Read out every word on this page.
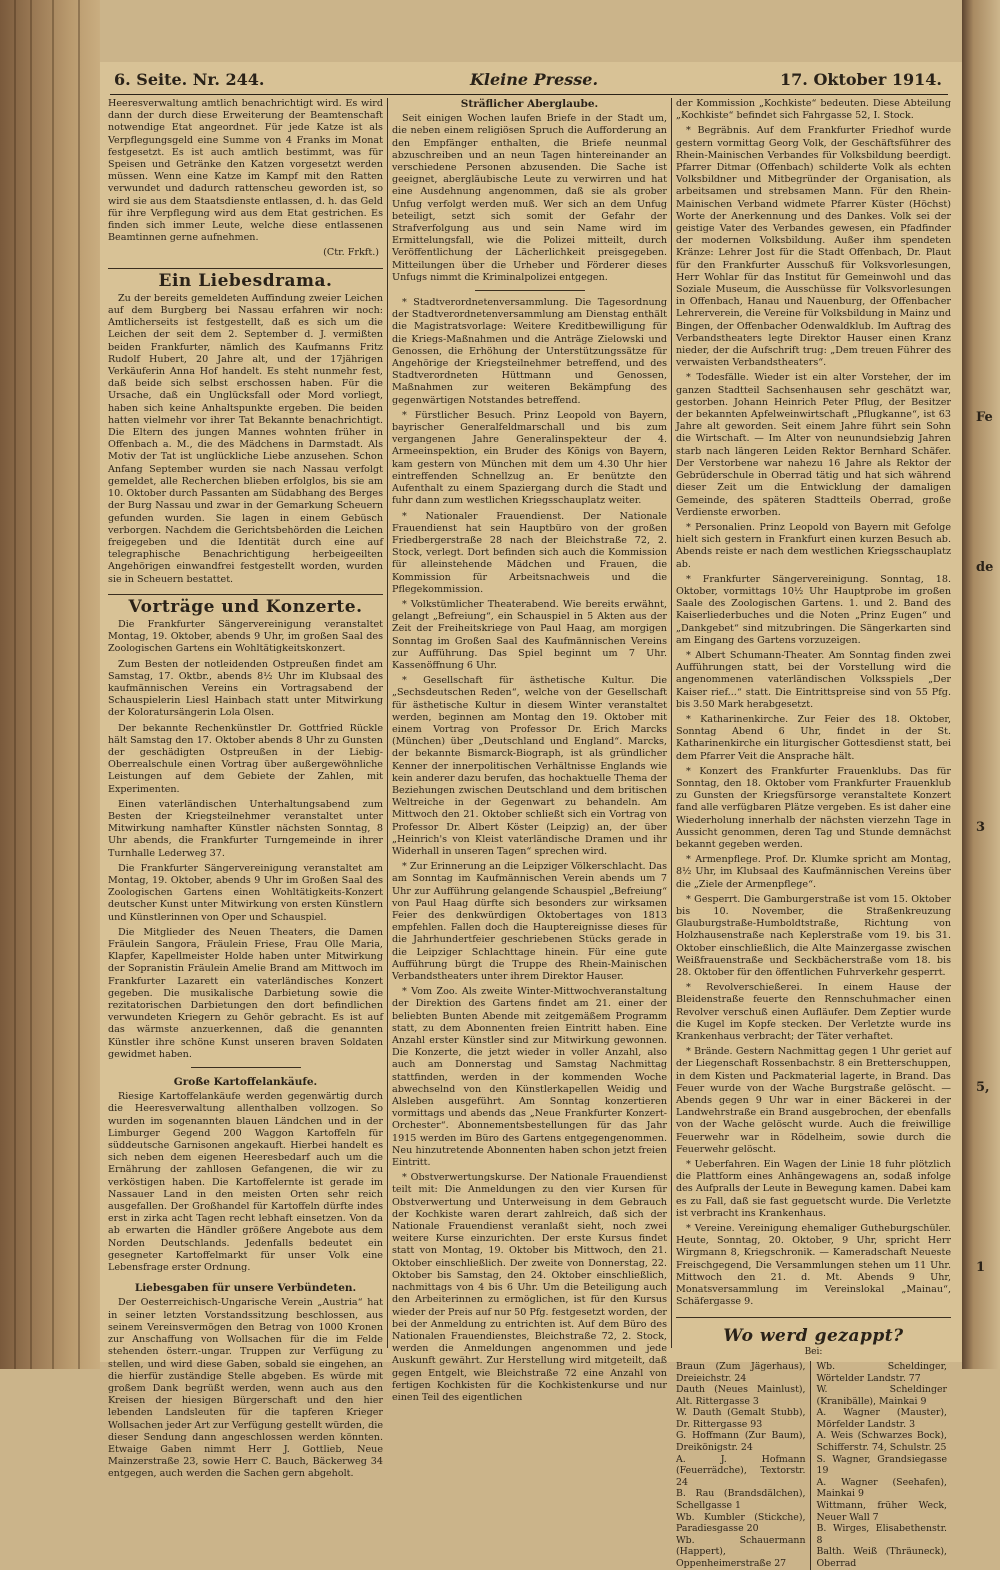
Fe
de
3
5,
1
6. Seite. Nr. 244.	Kleine Presse.	17. Oktober 1914.

Heeresverwaltung amtlich benachrichtigt wird. Es wird dann der durch diese Erweiterung der Beamtenschaft notwendige Etat angeordnet. Für jede Katze ist als Verpflegungsgeld eine Summe von 4 Franks im Monat festgesetzt. Es ist auch amtlich bestimmt, was für Speisen und Getränke den Katzen vorgesetzt werden müssen. Wenn eine Katze im Kampf mit den Ratten verwundet und dadurch rattenscheu geworden ist, so wird sie aus dem Staatsdienste entlassen, d. h. das Geld für ihre Verpflegung wird aus dem Etat gestrichen. Es finden sich immer Leute, welche diese entlassenen Beamtinnen gerne aufnehmen.

(Ctr. Frkft.)
Ein Liebesdrama.

Zu der bereits gemeldeten Auffindung zweier Leichen auf dem Burgberg bei Nassau erfahren wir noch: Amtlicherseits ist festgestellt, daß es sich um die Leichen der seit dem 2. September d. J. vermißten beiden Frankfurter, nämlich des Kaufmanns Fritz Rudolf Hubert, 20 Jahre alt, und der 17jährigen Verkäuferin Anna Hof handelt. Es steht nunmehr fest, daß beide sich selbst erschossen haben. Für die Ursache, daß ein Unglücksfall oder Mord vorliegt, haben sich keine Anhaltspunkte ergeben. Die beiden hatten vielmehr vor ihrer Tat Bekannte benachrichtigt. Die Eltern des jungen Mannes wohnten früher in Offenbach a. M., die des Mädchens in Darmstadt. Als Motiv der Tat ist unglückliche Liebe anzusehen. Schon Anfang September wurden sie nach Nassau verfolgt gemeldet, alle Recherchen blieben erfolglos, bis sie am 10. Oktober durch Passanten am Südabhang des Berges der Burg Nassau und zwar in der Gemarkung Scheuern gefunden wurden. Sie lagen in einem Gebüsch verborgen. Nachdem die Gerichtsbehörden die Leichen freigegeben und die Identität durch eine auf telegraphische Benachrichtigung herbeigeeilten Angehörigen einwandfrei festgestellt worden, wurden sie in Scheuern bestattet.

Vorträge und Konzerte.

Die Frankfurter Sängervereinigung veranstaltet Montag, 19. Oktober, abends 9 Uhr, im großen Saal des Zoologischen Gartens ein Wohltätigkeitskonzert.

Zum Besten der notleidenden Ostpreußen findet am Samstag, 17. Oktbr., abends 8½ Uhr im Klubsaal des kaufmännischen Vereins ein Vortragsabend der Schauspielerin Liesl Hainbach statt unter Mitwirkung der Koloratursängerin Lola Olsen.

Der bekannte Rechenkünstler Dr. Gottfried Rückle hält Samstag den 17. Oktober abends 8 Uhr zu Gunsten der geschädigten Ostpreußen in der Liebig-Oberrealschule einen Vortrag über außergewöhnliche Leistungen auf dem Gebiete der Zahlen, mit Experimenten.

Einen vaterländischen Unterhaltungsabend zum Besten der Kriegsteilnehmer veranstaltet unter Mitwirkung namhafter Künstler nächsten Sonntag, 8 Uhr abends, die Frankfurter Turngemeinde in ihrer Turnhalle Lederweg 37.

Die Frankfurter Sängervereinigung veranstaltet am Montag, 19. Oktober, abends 9 Uhr im Großen Saal des Zoologischen Gartens einen Wohltätigkeits-Konzert deutscher Kunst unter Mitwirkung von ersten Künstlern und Künstlerinnen von Oper und Schauspiel.

Die Mitglieder des Neuen Theaters, die Damen Fräulein Sangora, Fräulein Friese, Frau Olle Maria, Klapfer, Kapellmeister Holde haben unter Mitwirkung der Sopranistin Fräulein Amelie Brand am Mittwoch im Frankfurter Lazarett ein vaterländisches Konzert gegeben. Die musikalische Darbietung sowie die rezitatorischen Darbietungen den dort befindlichen verwundeten Kriegern zu Gehör gebracht. Es ist auf das wärmste anzuerkennen, daß die genannten Künstler ihre schöne Kunst unseren braven Soldaten gewidmet haben.

Große Kartoffelankäufe.

Riesige Kartoffelankäufe werden gegenwärtig durch die Heeresverwaltung allenthalben vollzogen. So wurden im sogenannten blauen Ländchen und in der Limburger Gegend 200 Waggon Kartoffeln für süddeutsche Garnisonen angekauft. Hierbei handelt es sich neben dem eigenen Heeresbedarf auch um die Ernährung der zahllosen Gefangenen, die wir zu verköstigen haben. Die Kartoffelernte ist gerade im Nassauer Land in den meisten Orten sehr reich ausgefallen. Der Großhandel für Kartoffeln dürfte indes erst in zirka acht Tagen recht lebhaft einsetzen. Von da ab erwarten die Händler größere Angebote aus dem Norden Deutschlands. Jedenfalls bedeutet ein gesegneter Kartoffelmarkt für unser Volk eine Lebensfrage erster Ordnung.

Liebesgaben für unsere Verbündeten.

Der Oesterreichisch-Ungarische Verein „Austria“ hat in seiner letzten Vorstandssitzung beschlossen, aus seinem Vereinsvermögen den Betrag von 1000 Kronen zur Anschaffung von Wollsachen für die im Felde stehenden österr.-ungar. Truppen zur Verfügung zu stellen, und wird diese Gaben, sobald sie eingehen, an die hierfür zuständige Stelle abgeben. Es würde mit großem Dank begrüßt werden, wenn auch aus den Kreisen der hiesigen Bürgerschaft und den hier lebenden Landsleuten für die tapferen Krieger Wollsachen jeder Art zur Verfügung gestellt würden, die dieser Sendung dann angeschlossen werden könnten. Etwaige Gaben nimmt Herr J. Gottlieb, Neue Mainzerstraße 23, sowie Herr C. Bauch, Bäckerweg 34 entgegen, auch werden die Sachen gern abgeholt.

Sträflicher Aberglaube.

Seit einigen Wochen laufen Briefe in der Stadt um, die neben einem religiösen Spruch die Aufforderung an den Empfänger enthalten, die Briefe neunmal abzuschreiben und an neun Tagen hintereinander an verschiedene Personen abzusenden. Die Sache ist geeignet, abergläubische Leute zu verwirren und hat eine Ausdehnung angenommen, daß sie als grober Unfug verfolgt werden muß. Wer sich an dem Unfug beteiligt, setzt sich somit der Gefahr der Strafverfolgung aus und sein Name wird im Ermittelungsfall, wie die Polizei mitteilt, durch Veröffentlichung der Lächerlichkeit preisgegeben. Mitteilungen über die Urheber und Förderer dieses Unfugs nimmt die Kriminalpolizei entgegen.

* Stadtverordnetenversammlung. Die Tagesordnung der Stadtverordnetenversammlung am Dienstag enthält die Magistratsvorlage: Weitere Kreditbewilligung für die Kriegs-Maßnahmen und die Anträge Zielowski und Genossen, die Erhöhung der Unterstützungssätze für Angehörige der Kriegsteilnehmer betreffend, und des Stadtverordneten Hüttmann und Genossen, Maßnahmen zur weiteren Bekämpfung des gegenwärtigen Notstandes betreffend.

* Fürstlicher Besuch. Prinz Leopold von Bayern, bayrischer Generalfeldmarschall und bis zum vergangenen Jahre Generalinspekteur der 4. Armeeinspektion, ein Bruder des Königs von Bayern, kam gestern von München mit dem um 4.30 Uhr hier eintreffenden Schnellzug an. Er benützte den Aufenthalt zu einem Spaziergang durch die Stadt und fuhr dann zum westlichen Kriegsschauplatz weiter.

* Nationaler Frauendienst. Der Nationale Frauendienst hat sein Hauptbüro von der großen Friedbergerstraße 28 nach der Bleichstraße 72, 2. Stock, verlegt. Dort befinden sich auch die Kommission für alleinstehende Mädchen und Frauen, die Kommission für Arbeitsnachweis und die Pflegekommission.

* Volkstümlicher Theaterabend. Wie bereits erwähnt, gelangt „Befreiung“, ein Schauspiel in 5 Akten aus der Zeit der Freiheitskriege von Paul Haag, am morgigen Sonntag im Großen Saal des Kaufmännischen Vereins zur Aufführung. Das Spiel beginnt um 7 Uhr. Kassenöffnung 6 Uhr.

* Gesellschaft für ästhetische Kultur. Die „Sechsdeutschen Reden“, welche von der Gesellschaft für ästhetische Kultur in diesem Winter veranstaltet werden, beginnen am Montag den 19. Oktober mit einem Vortrag von Professor Dr. Erich Marcks (München) über „Deutschland und England“. Marcks, der bekannte Bismarck-Biograph, ist als gründlicher Kenner der innerpolitischen Verhältnisse Englands wie kein anderer dazu berufen, das hochaktuelle Thema der Beziehungen zwischen Deutschland und dem britischen Weltreiche in der Gegenwart zu behandeln. Am Mittwoch den 21. Oktober schließt sich ein Vortrag von Professor Dr. Albert Köster (Leipzig) an, der über „Heinrich's von Kleist vaterländische Dramen und ihr Widerhall in unseren Tagen“ sprechen wird.

* Zur Erinnerung an die Leipziger Völkerschlacht. Das am Sonntag im Kaufmännischen Verein abends um 7 Uhr zur Aufführung gelangende Schauspiel „Befreiung“ von Paul Haag dürfte sich besonders zur wirksamen Feier des denkwürdigen Oktobertages von 1813 empfehlen. Fallen doch die Hauptereignisse dieses für die Jahrhundertfeier geschriebenen Stücks gerade in die Leipziger Schlachttage hinein. Für eine gute Aufführung bürgt die Truppe des Rhein-Mainischen Verbandstheaters unter ihrem Direktor Hauser.

* Vom Zoo. Als zweite Winter-Mittwochveranstaltung der Direktion des Gartens findet am 21. einer der beliebten Bunten Abende mit zeitgemäßem Programm statt, zu dem Abonnenten freien Eintritt haben. Eine Anzahl erster Künstler sind zur Mitwirkung gewonnen. Die Konzerte, die jetzt wieder in voller Anzahl, also auch am Donnerstag und Samstag Nachmittag stattfinden, werden in der kommenden Woche abwechselnd von den Künstlerkapellen Weidig und Alsleben ausgeführt. Am Sonntag konzertieren vormittags und abends das „Neue Frankfurter Konzert-Orchester“. Abonnementsbestellungen für das Jahr 1915 werden im Büro des Gartens entgegengenommen. Neu hinzutretende Abonnenten haben schon jetzt freien Eintritt.

* Obstverwertungskurse. Der Nationale Frauendienst teilt mit: Die Anmeldungen zu den vier Kursen für Obstverwertung und Unterweisung in dem Gebrauch der Kochkiste waren derart zahlreich, daß sich der Nationale Frauendienst veranlaßt sieht, noch zwei weitere Kurse einzurichten. Der erste Kursus findet statt von Montag, 19. Oktober bis Mittwoch, den 21. Oktober einschließlich. Der zweite von Donnerstag, 22. Oktober bis Samstag, den 24. Oktober einschließlich, nachmittags von 4 bis 6 Uhr. Um die Beteiligung auch den Arbeiterinnen zu ermöglichen, ist für den Kursus wieder der Preis auf nur 50 Pfg. festgesetzt worden, der bei der Anmeldung zu entrichten ist. Auf dem Büro des Nationalen Frauendienstes, Bleichstraße 72, 2. Stock, werden die Anmeldungen angenommen und jede Auskunft gewährt. Zur Herstellung wird mitgeteilt, daß gegen Entgelt, wie Bleichstraße 72 eine Anzahl von fertigen Kochkisten für die Kochkistenkurse und nur einen Teil des eigentlichen

der Kommission „Kochkiste“ bedeuten. Diese Abteilung „Kochkiste“ befindet sich Fahrgasse 52, I. Stock.

* Begräbnis. Auf dem Frankfurter Friedhof wurde gestern vormittag Georg Volk, der Geschäftsführer des Rhein-Mainischen Verbandes für Volksbildung beerdigt. Pfarrer Ditmar (Offenbach) schilderte Volk als echten Volksbildner und Mitbegründer der Organisation, als arbeitsamen und strebsamen Mann. Für den Rhein-Mainischen Verband widmete Pfarrer Küster (Höchst) Worte der Anerkennung und des Dankes. Volk sei der geistige Vater des Verbandes gewesen, ein Pfadfinder der modernen Volksbildung. Außer ihm spendeten Kränze: Lehrer Jost für die Stadt Offenbach, Dr. Plaut für den Frankfurter Ausschuß für Volksvorlesungen, Herr Wohlar für das Institut für Gemeinwohl und das Soziale Museum, die Ausschüsse für Volksvorlesungen in Offenbach, Hanau und Nauenburg, der Offenbacher Lehrerverein, die Vereine für Volksbildung in Mainz und Bingen, der Offenbacher Odenwaldklub. Im Auftrag des Verbandstheaters legte Direktor Hauser einen Kranz nieder, der die Aufschrift trug: „Dem treuen Führer des verwaisten Verbandstheaters“.

* Todesfälle. Wieder ist ein alter Vorsteher, der im ganzen Stadtteil Sachsenhausen sehr geschätzt war, gestorben. Johann Heinrich Peter Pflug, der Besitzer der bekannten Apfelweinwirtschaft „Pflugkanne“, ist 63 Jahre alt geworden. Seit einem Jahre führt sein Sohn die Wirtschaft. — Im Alter von neunundsiebzig Jahren starb nach längeren Leiden Rektor Bernhard Schäfer. Der Verstorbene war nahezu 16 Jahre als Rektor der Gebrüderschule in Oberrad tätig und hat sich während dieser Zeit um die Entwicklung der damaligen Gemeinde, des späteren Stadtteils Oberrad, große Verdienste erworben.

* Personalien. Prinz Leopold von Bayern mit Gefolge hielt sich gestern in Frankfurt einen kurzen Besuch ab. Abends reiste er nach dem westlichen Kriegsschauplatz ab.

* Frankfurter Sängervereinigung. Sonntag, 18. Oktober, vormittags 10½ Uhr Hauptprobe im großen Saale des Zoologischen Gartens. 1. und 2. Band des Kaiserliederbuches und die Noten „Prinz Eugen“ und „Dankgebet“ sind mitzubringen. Die Sängerkarten sind am Eingang des Gartens vorzuzeigen.

* Albert Schumann-Theater. Am Sonntag finden zwei Aufführungen statt, bei der Vorstellung wird die angenommenen vaterländischen Volksspiels „Der Kaiser rief...“ statt. Die Eintrittspreise sind von 55 Pfg. bis 3.50 Mark herabgesetzt.

* Katharinenkirche. Zur Feier des 18. Oktober, Sonntag Abend 6 Uhr, findet in der St. Katharinenkirche ein liturgischer Gottesdienst statt, bei dem Pfarrer Veit die Ansprache hält.

* Konzert des Frankfurter Frauenklubs. Das für Sonntag, den 18. Oktober vom Frankfurter Frauenklub zu Gunsten der Kriegsfürsorge veranstaltete Konzert fand alle verfügbaren Plätze vergeben. Es ist daher eine Wiederholung innerhalb der nächsten vierzehn Tage in Aussicht genommen, deren Tag und Stunde demnächst bekannt gegeben werden.

* Armenpflege. Prof. Dr. Klumke spricht am Montag, 8½ Uhr, im Klubsaal des Kaufmännischen Vereins über die „Ziele der Armenpflege“.

* Gesperrt. Die Gamburgerstraße ist vom 15. Oktober bis 10. November, die Straßenkreuzung Glauburgstraße-Humboldtstraße, Richtung von Holzhausenstraße nach Keplerstraße vom 19. bis 31. Oktober einschließlich, die Alte Mainzergasse zwischen Weißfrauenstraße und Seckbächerstraße vom 18. bis 28. Oktober für den öffentlichen Fuhrverkehr gesperrt.

* Revolverschießerei. In einem Hause der Bleidenstraße feuerte den Rennschuhmacher einen Revolver verschuß einen Aufläufer. Dem Zeptier wurde die Kugel im Kopfe stecken. Der Verletzte wurde ins Krankenhaus verbracht; der Täter verhaftet.

* Brände. Gestern Nachmittag gegen 1 Uhr geriet auf der Liegenschaft Rossenbachstr. 8 ein Bretterschuppen, in dem Kisten und Packmaterial lagerte, in Brand. Das Feuer wurde von der Wache Burgstraße gelöscht. — Abends gegen 9 Uhr war in einer Bäckerei in der Landwehrstraße ein Brand ausgebrochen, der ebenfalls von der Wache gelöscht wurde. Auch die freiwillige Feuerwehr war in Rödelheim, sowie durch die Feuerwehr gelöscht.

* Ueberfahren. Ein Wagen der Linie 18 fuhr plötzlich die Plattform eines Anhängewagens an, sodaß infolge des Aufpralls der Leute in Bewegung kamen. Dabei kam es zu Fall, daß sie fast geguetscht wurde. Die Verletzte ist verbracht ins Krankenhaus.

* Vereine. Vereinigung ehemaliger Gutheburgschüler. Heute, Sonntag, 20. Oktober, 9 Uhr, spricht Herr Wirgmann 8, Kriegschronik. — Kameradschaft Neueste Freischgegend, Die Versammlungen stehen um 11 Uhr. Mittwoch den 21. d. Mt. Abends 9 Uhr, Monatsversammlung im Vereinslokal „Mainau“, Schäfergasse 9.

Wo werd gezappt?
Bei:
Braun (Zum Jägerhaus), Dreieichstr. 24
Dauth (Neues Mainlust), Alt. Rittergasse 3
W. Dauth (Gemalt Stubb), Dr. Rittergasse 93
G. Hoffmann (Zur Baum), Dreikönigstr. 24
A. J. Hofmann (Feuerrädche), Textorstr. 24
B. Rau (Brandsdälchen), Schellgasse 1
Wb. Kumbler (Stickche), Paradiesgasse 20
Wb. Schauermann (Happert), Oppenheimerstraße 27
Wb. Scheldinger, Wörtelder Landstr. 77
W. Scheldinger (Kranibälle), Mainkai 9
A. Wagner (Mauster), Mörfelder Landstr. 3
A. Weis (Schwarzes Bock), Schifferstr. 74, Schulstr. 25
S. Wagner, Grandsiegasse 19
A. Wagner (Seehafen), Mainkai 9
Wittmann, früher Weck, Neuer Wall 7
B. Wirges, Elisabethenstr. 8
Balth. Weiß (Thräuneck), Oberrad
